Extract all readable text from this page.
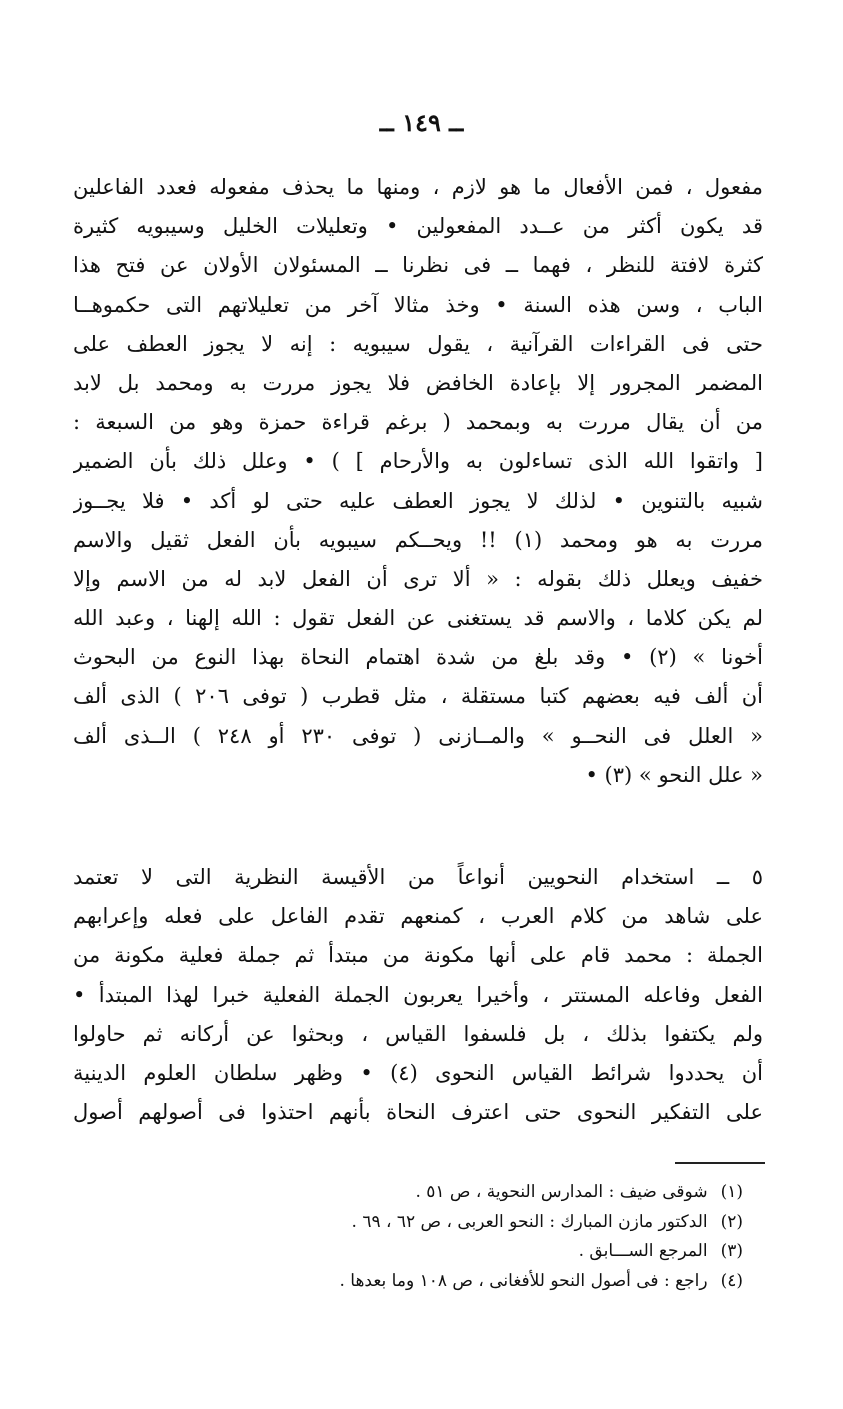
ــ ١٤٩ ــ
مفعول ، فمن الأفعال ما هو لازم ، ومنها ما يحذف مفعوله فعدد الفاعلين
قد يكون أكثر من عــدد المفعولين • وتعليلات الخليل وسيبويه كثيرة
كثرة لافتة للنظر ، فهما ــ فى نظرنا ــ المسئولان الأولان عن فتح هذا
الباب ، وسن هذه السنة • وخذ مثالا آخر من تعليلاتهم التى حكموهــا
حتى فى القراءات القرآنية ، يقول سيبويه : إنه لا يجوز العطف على
المضمر المجرور إلا بإعادة الخافض فلا يجوز مررت به ومحمد بل لابد
من أن يقال مررت به وبمحمد ( برغم قراءة حمزة وهو من السبعة :
[ واتقوا الله الذى تساءلون به والأرحام ] ) • وعلل ذلك بأن الضمير
شبيه بالتنوين • لذلك لا يجوز العطف عليه حتى لو أكد • فلا يجــوز
مررت به هو ومحمد (١) !! ويحــكم سيبويه بأن الفعل ثقيل والاسم
خفيف ويعلل ذلك بقوله : « ألا ترى أن الفعل لابد له من الاسم وإلا
لم يكن كلاما ، والاسم قد يستغنى عن الفعل تقول : الله إلهنا ، وعبد الله
أخونا » (٢) • وقد بلغ من شدة اهتمام النحاة بهذا النوع من البحوث
أن ألف فيه بعضهم كتبا مستقلة ، مثل قطرب ( توفى ٢٠٦ ) الذى ألف
« العلل فى النحــو » والمــازنى ( توفى ٢٣٠ أو ٢٤٨ ) الــذى ألف
« علل النحو » (٣) •
٥ ــ استخدام النحويين أنواعاً من الأقيسة النظرية التى لا تعتمد
على شاهد من كلام العرب ، كمنعهم تقدم الفاعل على فعله وإعرابهم
الجملة : محمد قام على أنها مكونة من مبتدأ ثم جملة فعلية مكونة من
الفعل وفاعله المستتر ، وأخيرا يعربون الجملة الفعلية خبرا لهذا المبتدأ •
ولم يكتفوا بذلك ، بل فلسفوا القياس ، وبحثوا عن أركانه ثم حاولوا
أن يحددوا شرائط القياس النحوى (٤) • وظهر سلطان العلوم الدينية
على التفكير النحوى حتى اعترف النحاة بأنهم احتذوا فى أصولهم أصول
(١) شوقى ضيف : المدارس النحوية ، ص ٥١ .
(٢) الدكتور مازن المبارك : النحو العربى ، ص ٦٢ ، ٦٩ .
(٣) المرجع الســـابق .
(٤) راجع : فى أصول النحو للأفغانى ، ص ١٠٨ وما بعدها .
